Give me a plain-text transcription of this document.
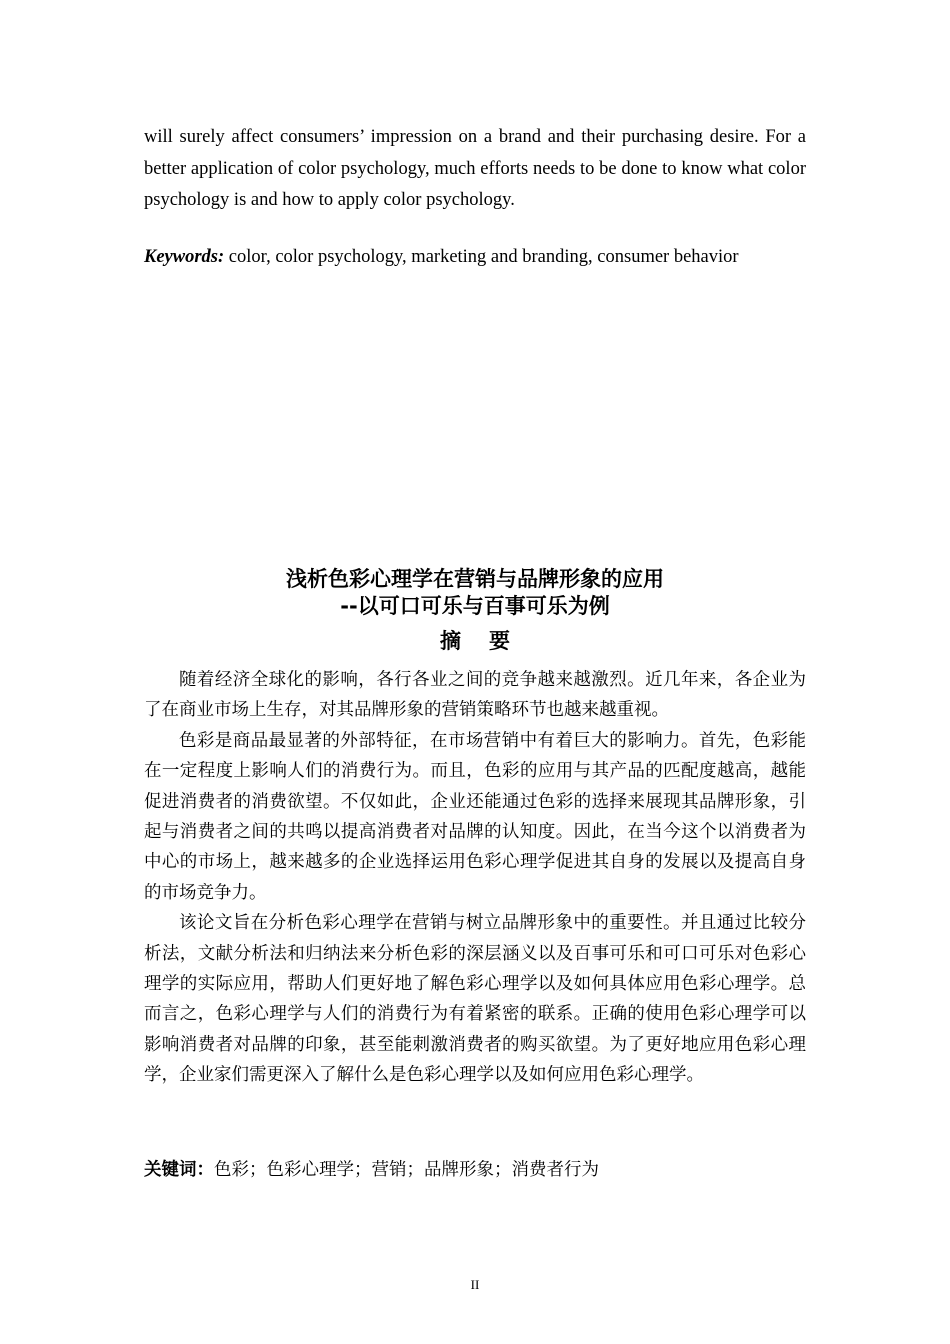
will surely affect consumers’ impression on a brand and their purchasing desire. For a better application of color psychology, much efforts needs to be done to know what color psychology is and how to apply color psychology.

Keywords: color, color psychology, marketing and branding, consumer behavior

浅析色彩心理学在营销与品牌形象的应用

--以可口可乐与百事可乐为例

摘要

随着经济全球化的影响，各行各业之间的竞争越来越激烈。近几年来，各企业为了在商业市场上生存，对其品牌形象的营销策略环节也越来越重视。

色彩是商品最显著的外部特征，在市场营销中有着巨大的影响力。首先，色彩能在一定程度上影响人们的消费行为。而且，色彩的应用与其产品的匹配度越高，越能促进消费者的消费欲望。不仅如此，企业还能通过色彩的选择来展现其品牌形象，引起与消费者之间的共鸣以提高消费者对品牌的认知度。因此，在当今这个以消费者为中心的市场上，越来越多的企业选择运用色彩心理学促进其自身的发展以及提高自身的市场竞争力。

该论文旨在分析色彩心理学在营销与树立品牌形象中的重要性。并且通过比较分析法，文献分析法和归纳法来分析色彩的深层涵义以及百事可乐和可口可乐对色彩心理学的实际应用，帮助人们更好地了解色彩心理学以及如何具体应用色彩心理学。总而言之，色彩心理学与人们的消费行为有着紧密的联系。正确的使用色彩心理学可以影响消费者对品牌的印象，甚至能刺激消费者的购买欲望。为了更好地应用色彩心理学，企业家们需更深入了解什么是色彩心理学以及如何应用色彩心理学。

关键词：色彩；色彩心理学；营销；品牌形象；消费者行为

II
